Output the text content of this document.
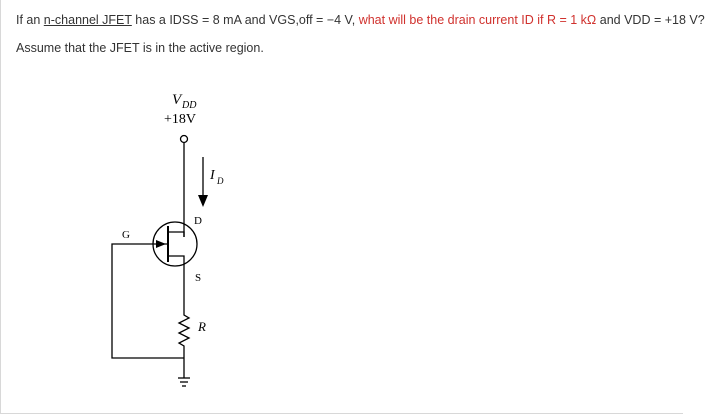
If an n-channel JFET has a IDSS = 8 mA and VGS,off = −4 V, what will be the drain current ID if R = 1 kΩ and VDD = +18 V?
Assume that the JFET is in the active region.
V DD
+18V
I D
D
G
S
R
